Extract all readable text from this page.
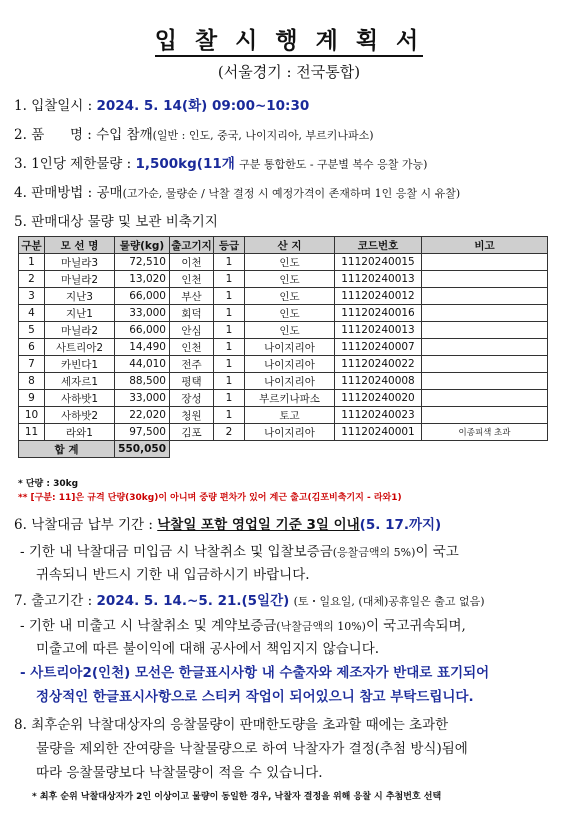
입 찰 시 행 계 획 서
(서울경기 : 전국통합)
1. 입찰일시 : 2024. 5. 14(화) 09:00~10:30
2. 품      명 : 수입 참깨(일반 : 인도, 중국, 나이지리아, 부르키나파소)
3. 1인당 제한물량 : 1,500kg(11개 구분 통합한도 - 구분별 복수 응찰 가능)
4. 판매방법 : 공매(고가순, 물량순 / 낙찰 결정 시 예정가격이 존재하며 1인 응찰 시 유찰)
5. 판매대상 물량 및 보관 비축기지
구분	모 선 명	물량(kg)	출고기지	등급	산 지	코드번호	비고
1	마닐라3	72,510	이천	1	인도	11120240015	
2	마닐라2	13,020	인천	1	인도	11120240013	
3	지난3	66,000	부산	1	인도	11120240012	
4	지난1	33,000	회덕	1	인도	11120240016	
5	마닐라2	66,000	안심	1	인도	11120240013	
6	사트리아2	14,490	인천	1	나이지리아	11120240007	
7	카빈다1	44,010	전주	1	나이지리아	11120240022	
8	세자르1	88,500	평택	1	나이지리아	11120240008	
9	사하밧1	33,000	장성	1	부르키나파소	11120240020	
10	사하밧2	22,020	청원	1	토고	11120240023	
11	라와1	97,500	김포	2	나이지리아	11120240001	이종피색 초과
합 계		550,050					
* 단량 : 30kg
** [구분: 11]은 규격 단량(30kg)이 아니며 중량 편차가 있어 계근 출고(김포비축기지 - 라와1)
6. 낙찰대금 납부 기간 : 낙찰일 포함 영업일 기준 3일 이내(5. 17.까지)
- 기한 내 낙찰대금 미입금 시 낙찰취소 및 입찰보증금(응찰금액의 5%)이 국고
귀속되니 반드시 기한 내 입금하시기 바랍니다.
7. 출고기간 : 2024. 5. 14.~5. 21.(5일간) (토・일요일, (대체)공휴일은 출고 없음)
- 기한 내 미출고 시 낙찰취소 및 계약보증금(낙찰금액의 10%)이 국고귀속되며,
미출고에 따른 불이익에 대해 공사에서 책임지지 않습니다.
- 사트리아2(인천) 모선은 한글표시사항 내 수출자와 제조자가 반대로 표기되어
정상적인 한글표시사항으로 스티커 작업이 되어있으니 참고 부탁드립니다.
8. 최후순위 낙찰대상자의 응찰물량이 판매한도량을 초과할 때에는 초과한
물량을 제외한 잔여량을 낙찰물량으로 하여 낙찰자가 결정(추첨 방식)됨에
따라 응찰물량보다 낙찰물량이 적을 수 있습니다.
* 최후 순위 낙찰대상자가 2인 이상이고 물량이 동일한 경우, 낙찰자 결정을 위해 응찰 시 추첨번호 선택
